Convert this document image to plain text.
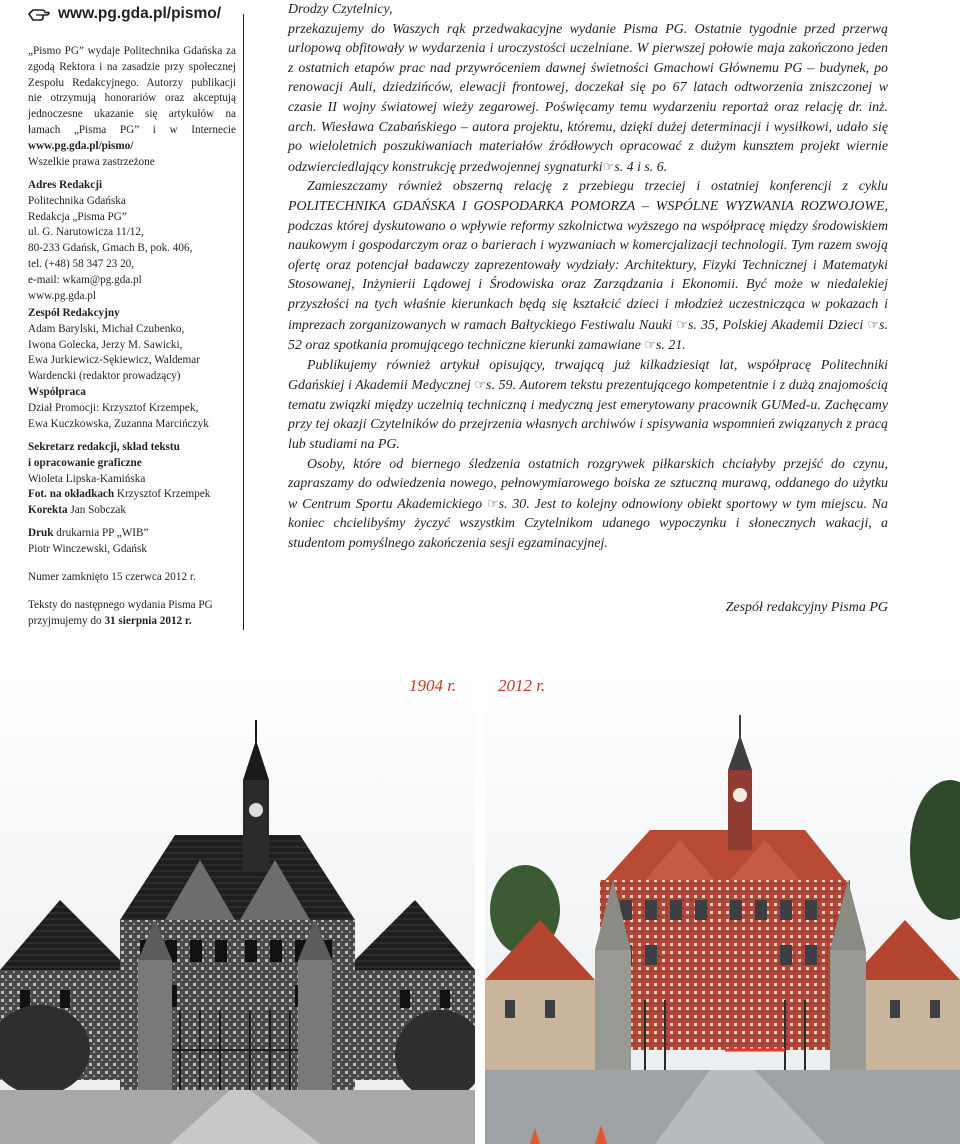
www.pg.gda.pl/pismo/

„Pismo PG” wydaje Politechnika Gdańska za zgodą Rektora i na zasadzie przy społecznej Zespołu Redakcyjnego. Autorzy publikacji nie otrzymują honorariów oraz akceptują jednoczesne ukazanie się artykułów na łamach „Pisma PG” i w Internecie www.pg.gda.pl/pismo/

Wszelkie prawa zastrzeżone

Adres Redakcji

Politechnika Gdańska

Redakcja „Pisma PG”

ul. G. Narutowicza 11/12,

80-233 Gdańsk, Gmach B, pok. 406,

tel. (+48) 58 347 23 20,

e-mail: wkam@pg.gda.pl

www.pg.gda.pl

Zespół Redakcyjny

Adam Barylski, Michał Czubenko,

Iwona Golecka, Jerzy M. Sawicki,

Ewa Jurkiewicz-Sękiewicz, Waldemar

Wardencki (redaktor prowadzący)

Współpraca

Dział Promocji: Krzysztof Krzempek,

Ewa Kuczkowska, Zuzanna Marcińczyk

Sekretarz redakcji, skład tekstu

i opracowanie graficzne

Wioleta Lipska-Kamińska

Fot. na okładkach Krzysztof Krzempek

Korekta Jan Sobczak

Druk drukarnia PP „WIB”

Piotr Winczewski, Gdańsk

Numer zamknięto 15 czerwca 2012 r.

Teksty do następnego wydania Pisma PG przyjmujemy do 31 sierpnia 2012 r.

Drodzy Czytelnicy,

przekazujemy do Waszych rąk przedwakacyjne wydanie Pisma PG. Ostatnie tygodnie przed przerwą urlopową obfitowały w wydarzenia i uroczystości uczelniane. W pierwszej połowie maja zakończono jeden z ostatnich etapów prac nad przywróceniem dawnej świetności Gmachowi Głównemu PG – budynek, po renowacji Auli, dziedzińców, elewacji frontowej, doczekał się po 67 latach odtworzenia zniszczonej w czasie II wojny światowej wieży zegarowej. Poświęcamy temu wydarzeniu reportaż oraz relację dr. inż. arch. Wiesława Czabańskiego – autora projektu, któremu, dzięki dużej determinacji i wysiłkowi, udało się po wieloletnich poszukiwaniach materiałów źródłowych opracować z dużym kunsztem projekt wiernie odzwierciedlający konstrukcję przedwojennej sygnaturki☞s. 4 i s. 6.

Zamieszczamy również obszerną relację z przebiegu trzeciej i ostatniej konferencji z cyklu POLITECHNIKA GDAŃSKA I GOSPODARKA POMORZA – WSPÓLNE WYZWANIA ROZWOJOWE, podczas której dyskutowano o wpływie reformy szkolnictwa wyższego na współpracę między środowiskiem naukowym i gospodarczym oraz o barierach i wyzwaniach w komercjalizacji technologii. Tym razem swoją ofertę oraz potencjał badawczy zaprezentowały wydziały: Architektury, Fizyki Technicznej i Matematyki Stosowanej, Inżynierii Lądowej i Środowiska oraz Zarządzania i Ekonomii. Być może w niedalekiej przyszłości na tych właśnie kierunkach będą się kształcić dzieci i młodzież uczestnicząca w pokazach i imprezach zorganizowanych w ramach Bałtyckiego Festiwalu Nauki ☞s. 35, Polskiej Akademii Dzieci ☞s. 52 oraz spotkania promującego techniczne kierunki zamawiane ☞s. 21.

Publikujemy również artykuł opisujący, trwającą już kilkadziesiąt lat, współpracę Politechniki Gdańskiej i Akademii Medycznej ☞s. 59. Autorem tekstu prezentującego kompetentnie i z dużą znajomością tematu związki między uczelnią techniczną i medyczną jest emerytowany pracownik GUMed-u. Zachęcamy przy tej okazji Czytelników do przejrzenia własnych archiwów i spisywania wspomnień związanych z pracą lub studiami na PG.

Osoby, które od biernego śledzenia ostatnich rozgrywek piłkarskich chciałyby przejść do czynu, zapraszamy do odwiedzenia nowego, pełnowymiarowego boiska ze sztuczną murawą, oddanego do użytku w Centrum Sportu Akademickiego ☞s. 30. Jest to kolejny odnowiony obiekt sportowy w tym miejscu. Na koniec chcielibyśmy życzyć wszystkim Czytelnikom udanego wypoczynku i słonecznych wakacji, a studentom pomyślnego zakończenia sesji egzaminacyjnej.

Zespół redakcyjny Pisma PG
1904 r. 2012 r.
